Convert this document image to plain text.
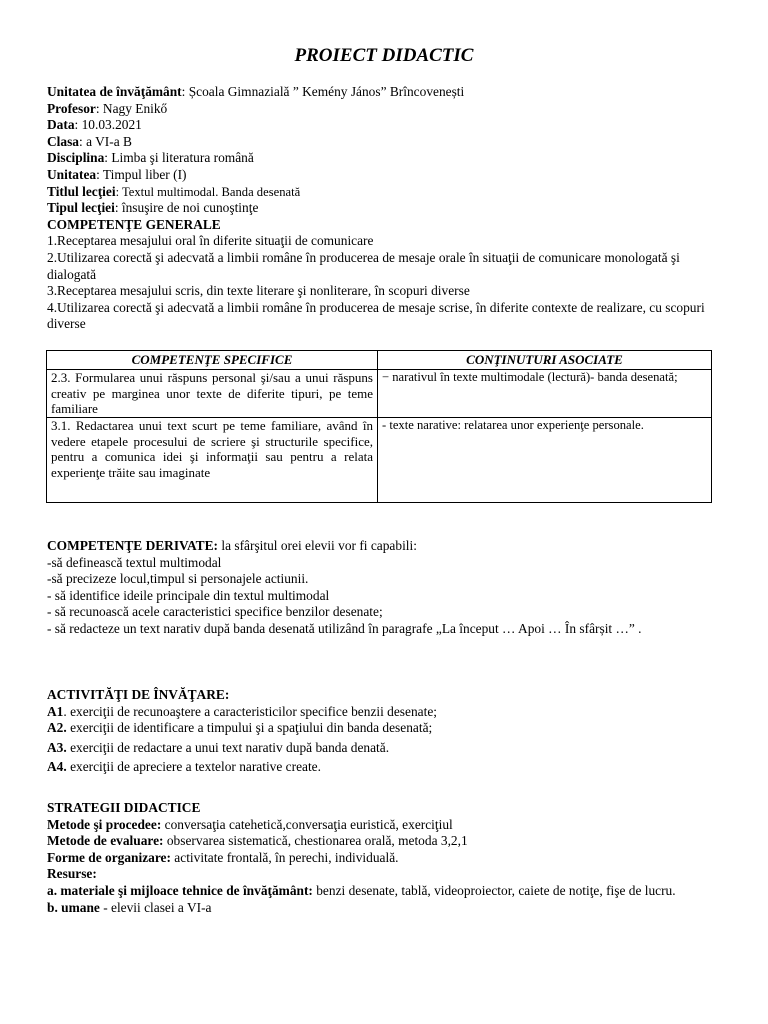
PROIECT DIDACTIC
Unitatea de învăţământ: Școala Gimnazială ” Kemény János” Brîncovenești
Profesor: Nagy Enikő
Data: 10.03.2021
Clasa: a VI-a B
Disciplina: Limba şi literatura română
Unitatea: Timpul liber (I)
Titlul lecţiei: Textul multimodal. Banda desenată
Tipul lecţiei: însuşire de noi cunoştinţe
COMPETENŢE GENERALE
1.Receptarea mesajului oral în diferite situaţii de comunicare
2.Utilizarea corectă şi adecvată a limbii române în producerea de mesaje orale în situaţii de comunicare monologată şi dialogată
3.Receptarea mesajului scris, din texte literare şi nonliterare, în scopuri diverse
4.Utilizarea corectă şi adecvată a limbii române în producerea de mesaje scrise, în diferite contexte de realizare, cu scopuri diverse
COMPETENŢE SPECIFICE	CONŢINUTURI ASOCIATE
2.3. Formularea unui răspuns personal şi/sau a unui răspuns creativ pe marginea unor texte de diferite tipuri, pe teme familiare	− narativul în texte multimodale (lectură)- banda desenată;
3.1. Redactarea unui text scurt pe teme familiare, având în vedere etapele procesului de scriere şi structurile specifice, pentru a comunica idei şi informaţii sau pentru a relata experienţe trăite sau imaginate	- texte narative: relatarea unor experienţe personale.
COMPETENŢE DERIVATE: la sfârşitul orei elevii vor fi capabili:
-să definească textul multimodal
-să precizeze locul,timpul si personajele actiunii.
- să identifice ideile principale din textul multimodal
- să recunoască acele caracteristici specifice benzilor desenate;
- să redacteze un text narativ după banda desenată utilizând în paragrafe „La început … Apoi … În sfârșit …” .
ACTIVITĂŢI DE ÎNVĂŢARE:
A1. exerciţii de recunoaştere a caracteristicilor specifice benzii desenate;
A2. exerciţii de identificare a timpului şi a spaţiului din banda desenată;
A3. exerciţii de redactare a unui text narativ după banda denată.
A4. exerciţii de apreciere a textelor narative create.
STRATEGII DIDACTICE
Metode şi procedee: conversaţia catehetică,conversaţia euristică, exerciţiul
Metode de evaluare: observarea sistematică, chestionarea orală, metoda 3,2,1
Forme de organizare: activitate frontală, în perechi, individuală.
Resurse:
a. materiale şi mijloace tehnice de învăţământ: benzi desenate, tablă, videoproiector, caiete de notiţe, fişe de lucru.
b. umane - elevii clasei a VI-a
